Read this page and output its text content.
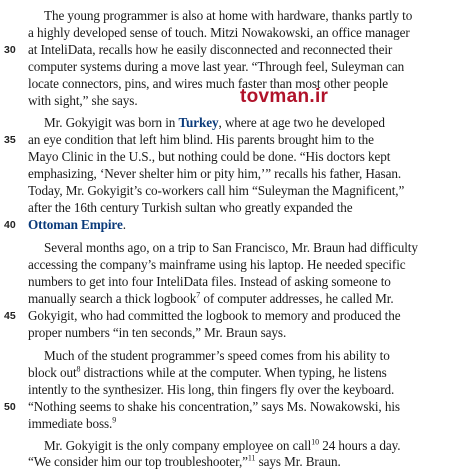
The young programmer is also at home with hardware, thanks partly to
a highly developed sense of touch. Mitzi Nowakowski, an office manager
30 at InteliData, recalls how he easily disconnected and reconnected their
computer systems during a move last year. “Through feel, Suleyman can
locate connectors, pins, and wires much faster than most other people
with sight,” she says.	tovman.ir
Mr. Gokyigit was born in Turkey, where at age two he developed
35 an eye condition that left him blind. His parents brought him to the
Mayo Clinic in the U.S., but nothing could be done. “His doctors kept
emphasizing, ‘Never shelter him or pity him,’” recalls his father, Hasan.
Today, Mr. Gokyigit’s co-workers call him “Suleyman the Magnificent,”
after the 16th century Turkish sultan who greatly expanded the
40 Ottoman Empire.
Several months ago, on a trip to San Francisco, Mr. Braun had difficulty
accessing the company’s mainframe using his laptop. He needed specific
numbers to get into four InteliData files. Instead of asking someone to
manually search a thick logbook$^7$ of computer addresses, he called Mr.
45 Gokyigit, who had committed the logbook to memory and produced the
proper numbers “in ten seconds,” Mr. Braun says.
Much of the student programmer’s speed comes from his ability to
block out$^8$ distractions while at the computer. When typing, he listens
intently to the synthesizer. His long, thin fingers fly over the keyboard.
50 “Nothing seems to shake his concentration,” says Ms. Nowakowski, his
immediate boss.$^9$
Mr. Gokyigit is the only company employee on call$^{10}$ 24 hours a day.
“We consider him our top troubleshooter,”$^{11}$ says Mr. Braun.
